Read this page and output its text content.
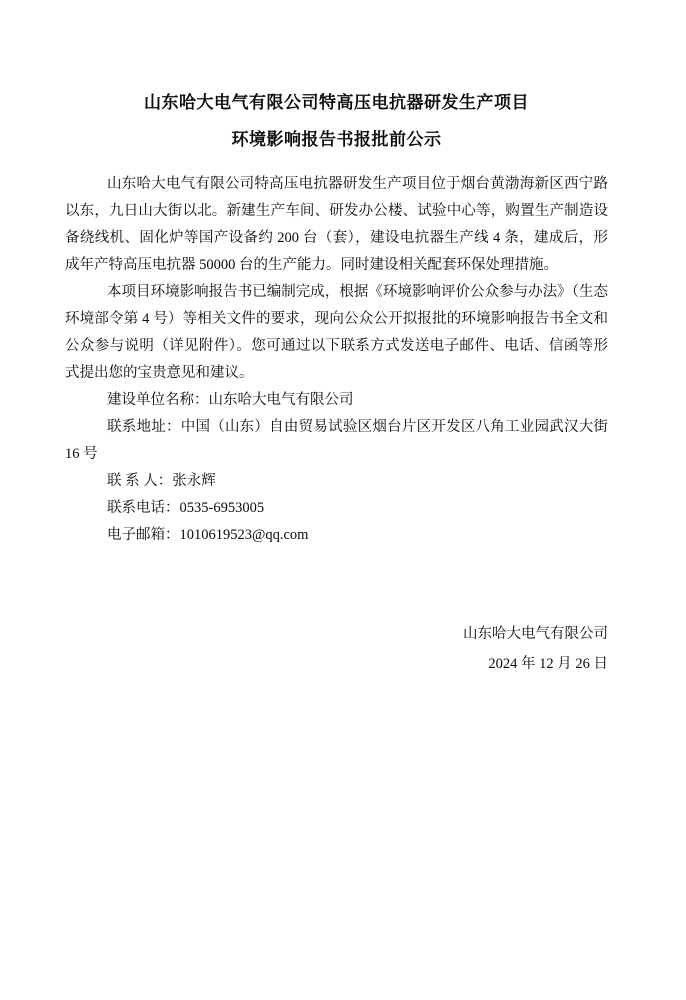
山东哈大电气有限公司特高压电抗器研发生产项目
环境影响报告书报批前公示

山东哈大电气有限公司特高压电抗器研发生产项目位于烟台黄渤海新区西宁路以东，九日山大街以北。新建生产车间、研发办公楼、试验中心等，购置生产制造设备绕线机、固化炉等国产设备约 200 台（套），建设电抗器生产线 4 条，建成后，形成年产特高压电抗器 50000 台的生产能力。同时建设相关配套环保处理措施。

本项目环境影响报告书已编制完成，根据《环境影响评价公众参与办法》（生态环境部令第 4 号）等相关文件的要求，现向公众公开拟报批的环境影响报告书全文和公众参与说明（详见附件）。您可通过以下联系方式发送电子邮件、电话、信函等形式提出您的宝贵意见和建议。

建设单位名称：山东哈大电气有限公司

联系地址：中国（山东）自由贸易试验区烟台片区开发区八角工业园武汉大街 16 号

联 系 人：张永辉

联系电话：0535-6953005

电子邮箱：1010619523@qq.com

山东哈大电气有限公司

2024 年 12 月 26 日
